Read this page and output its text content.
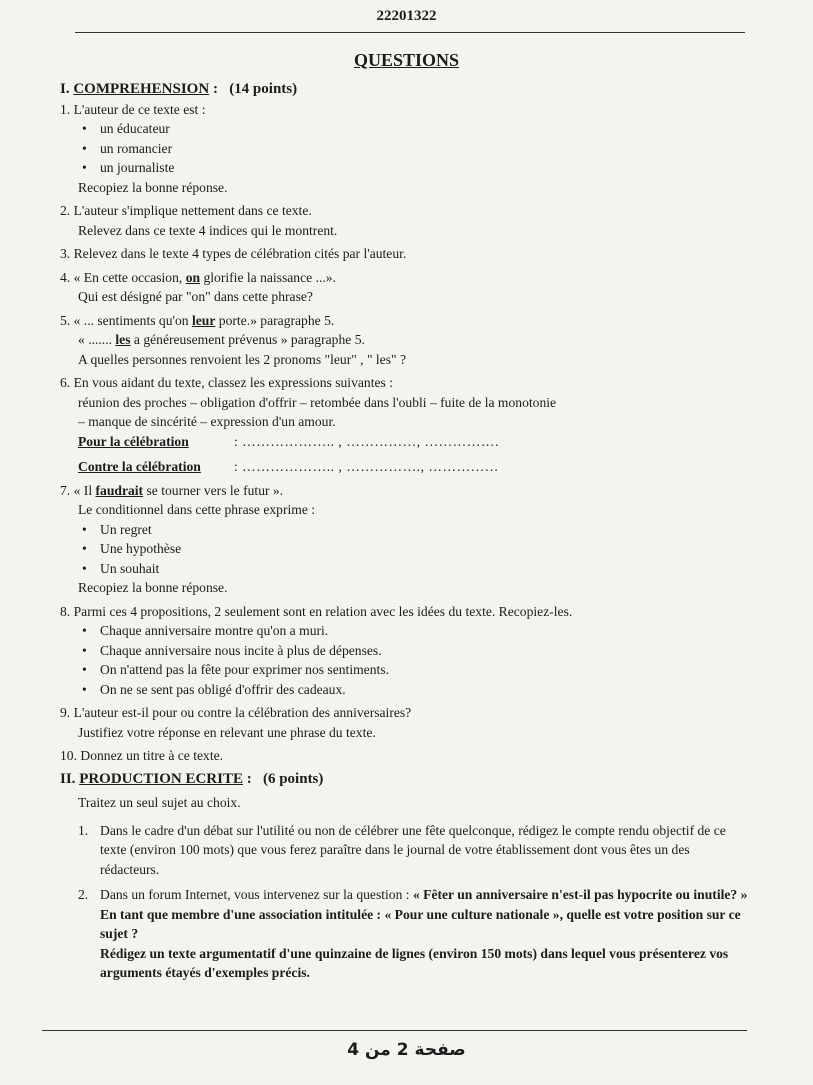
22201322
QUESTIONS

I. COMPREHENSION : (14 points)

1. L'auteur de ce texte est :
• un éducateur
• un romancier
• un journaliste
Recopiez la bonne réponse.
2. L'auteur s'implique nettement dans ce texte.
Relevez dans ce texte 4 indices qui le montrent.
3. Relevez dans le texte 4 types de célébration cités par l'auteur.
4. « En cette occasion, on glorifie la naissance ...».
Qui est désigné par "on" dans cette phrase?
5. « ... sentiments qu'on leur porte.» paragraphe 5.
« ....... les a généreusement prévenus » paragraphe 5.
A quelles personnes renvoient les 2 pronoms "leur" , " les" ?
6. En vous aidant du texte, classez les expressions suivantes :
réunion des proches – obligation d'offrir – retombée dans l'oubli – fuite de la monotonie
– manque de sincérité – expression d'un amour.
Pour la célébration	: ……………….. , ……………, …………….
Contre la célébration	: ……………….. , ……………., ……………
7. « Il faudrait se tourner vers le futur ».
Le conditionnel dans cette phrase exprime :
• Un regret
• Une hypothèse
• Un souhait
Recopiez la bonne réponse.
8. Parmi ces 4 propositions, 2 seulement sont en relation avec les idées du texte. Recopiez-les.
• Chaque anniversaire montre qu'on a muri.
• Chaque anniversaire nous incite à plus de dépenses.
• On n'attend pas la fête pour exprimer nos sentiments.
• On ne se sent pas obligé d'offrir des cadeaux.
9. L'auteur est-il pour ou contre la célébration des anniversaires?
Justifiez votre réponse en relevant une phrase du texte.
10. Donnez un titre à ce texte.

II. PRODUCTION ECRITE : (6 points)

Traitez un seul sujet au choix.
1. Dans le cadre d'un débat sur l'utilité ou non de célébrer une fête quelconque, rédigez le compte rendu objectif de ce texte (environ 100 mots) que vous ferez paraître dans le journal de votre établissement dont vous êtes un des rédacteurs.
2. Dans un forum Internet, vous intervenez sur la question : « Fêter un anniversaire n'est-il pas hypocrite ou inutile? »
En tant que membre d'une association intitulée : « Pour une culture nationale », quelle est votre position sur ce sujet ?
Rédigez un texte argumentatif d'une quinzaine de lignes (environ 150 mots) dans lequel vous présenterez vos arguments étayés d'exemples précis.
صفحة 2 من 4
